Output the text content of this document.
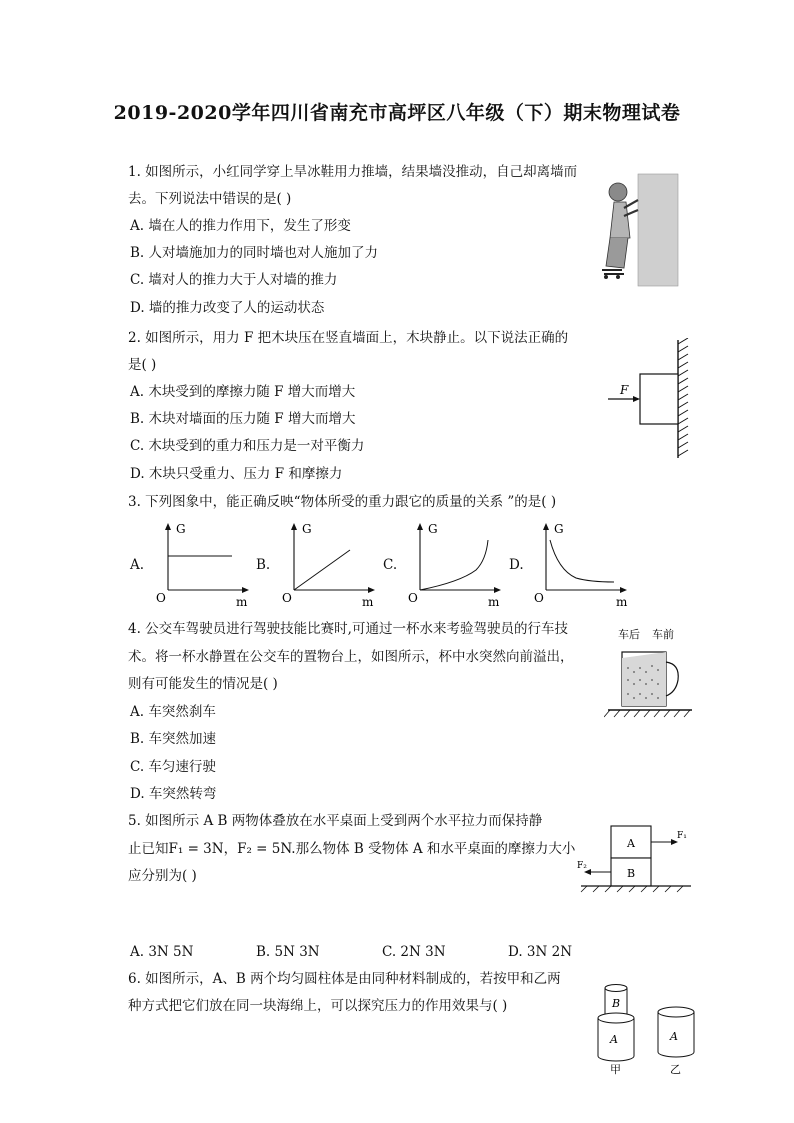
2019-2020学年四川省南充市高坪区八年级（下）期末物理试卷
1. 如图所示，小红同学穿上旱冰鞋用力推墙，结果墙没推动，自己却离墙而
去。下列说法中错误的是( )
A. 墙在人的推力作用下，发生了形变
B. 人对墙施加力的同时墙也对人施加了力
C. 墙对人的推力大于人对墙的推力
D. 墙的推力改变了人的运动状态
2. 如图所示，用力 F 把木块压在竖直墙面上，木块静止。以下说法正确的
是( )
A. 木块受到的摩擦力随 F 增大而增大
B. 木块对墙面的压力随 F 增大而增大
C. 木块受到的重力和压力是一对平衡力
D. 木块只受重力、压力 F 和摩擦力
F
3. 下列图象中，能正确反映“物体所受的重力跟它的质量的关系 ”的是( )
A.
G
O	m
B.
G
O	m
C.
G
O	m
D.
G
O	m
4. 公交车驾驶员进行驾驶技能比赛时,可通过一杯水来考验驾驶员的行车技
术。将一杯水静置在公交车的置物台上，如图所示，杯中水突然向前溢出，
则有可能发生的情况是( )
A. 车突然刹车
B. 车突然加速
C. 车匀速行驶
D. 车突然转弯
车后 车前
5. 如图所示 A B 两物体叠放在水平桌面上受到两个水平拉力而保持静
止已知F₁ = 3N，F₂ = 5N.那么物体 B 受物体 A 和水平桌面的摩擦力大小
应分别为( )
A. 3N 5N	B. 5N 3N	C. 2N 3N	D. 3N 2N
A
B
F₁
F₂
6. 如图所示，A、B 两个均匀圆柱体是由同种材料制成的，若按甲和乙两
种方式把它们放在同一块海绵上，可以探究压力的作用效果与( )	B
A
甲
A
乙
